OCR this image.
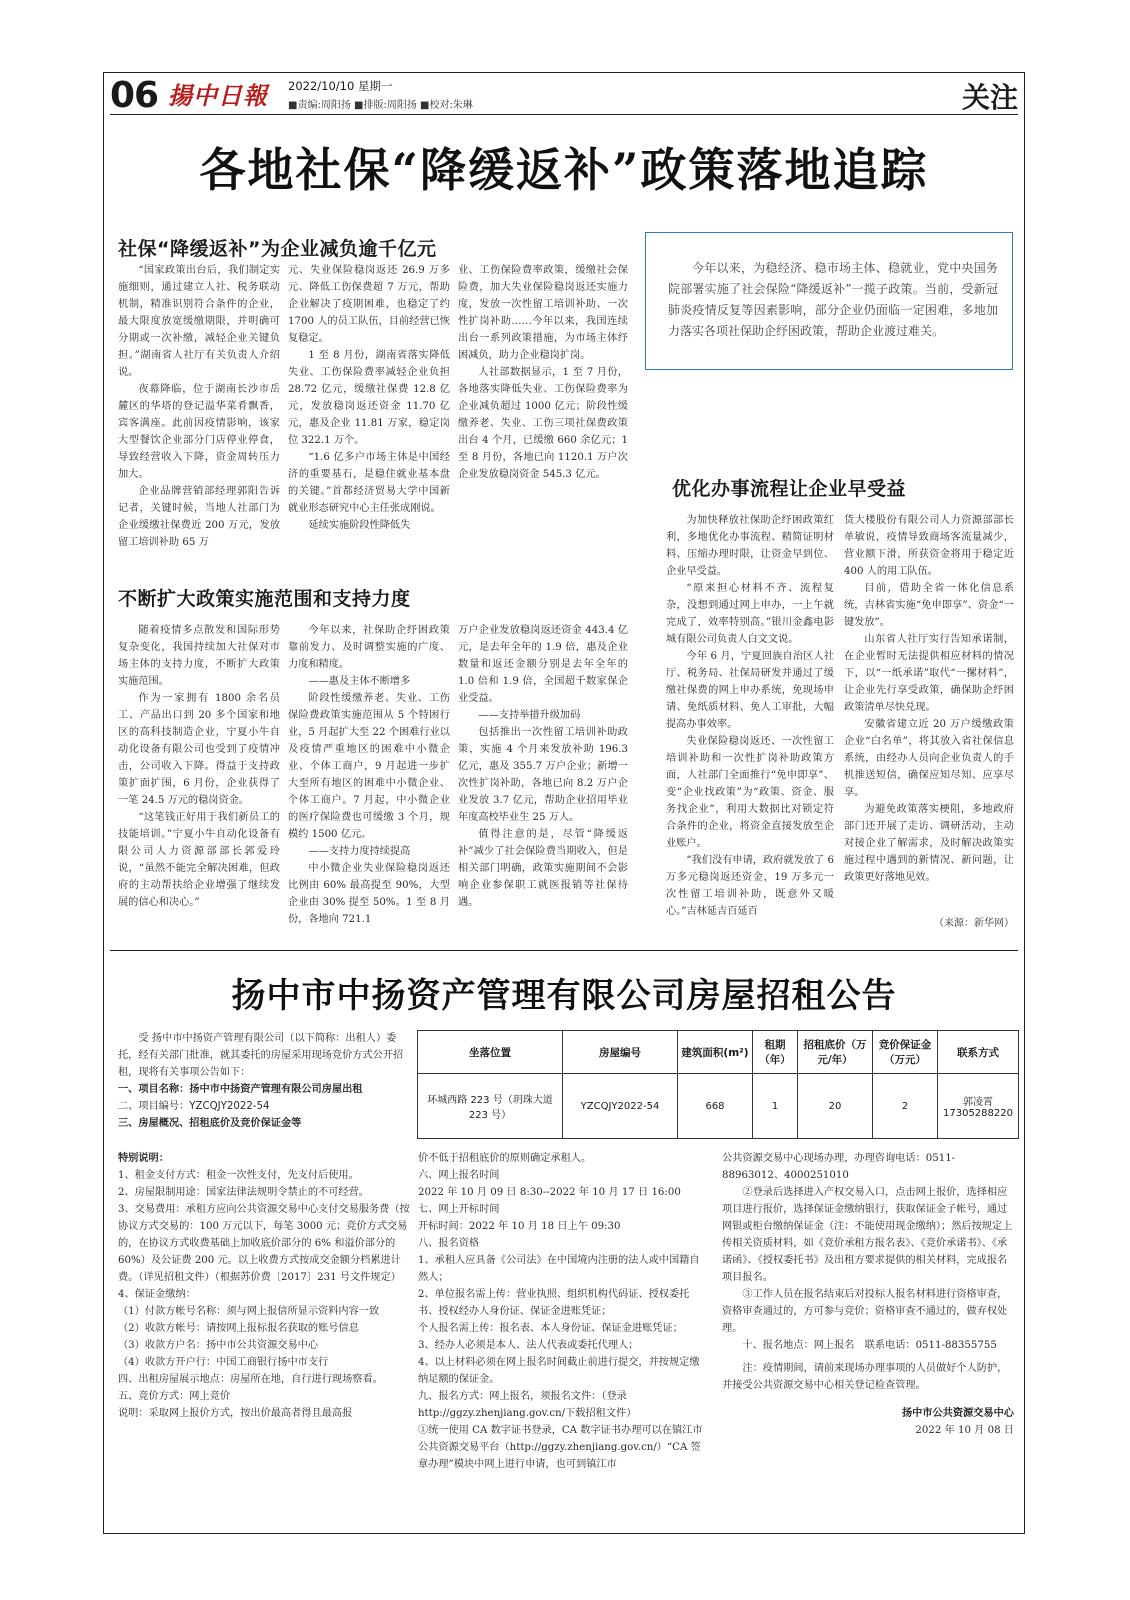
06 揚中日報 2022/10/10 星期一
■责编:周阳扬 ■排版:周阳扬 ■校对:朱琳	关注
各地社保“降缓返补”政策落地追踪
社保“降缓返补”为企业减负逾千亿元

“国家政策出台后，我们制定实施细则，通过建立人社、税务联动机制，精准识别符合条件的企业，最大限度放宽缓缴期限，并明确可分期或一次补缴，减轻企业关键负担。”湖南省人社厅有关负责人介绍说。

夜幕降临，位于湖南长沙市岳麓区的华塔的登记溢华菜肴飘香，宾客满座。此前因疫情影响，该家大型餐饮企业部分门店停业停食，导致经营收入下降，资金周转压力加大。

企业品牌营销部经理郭阳告诉记者，关键时候，当地人社部门为企业缓缴社保费近 200 万元，发放留工培训补助 65 万

元、失业保险稳岗返还 26.9 万多元、降低工伤保费超 7 万元，帮助企业解决了疫期困难，也稳定了约 1700 人的员工队伍，目前经营已恢复稳定。

1 至 8 月份，湖南省落实降低失业、工伤保险费率减轻企业负担 28.72 亿元，缓缴社保费 12.8 亿元，发放稳岗返还资金 11.70 亿元，惠及企业 11.81 万家，稳定岗位 322.1 万个。

“1.6 亿多户市场主体是中国经济的重要基石，是稳住就业基本盘的关键。”首都经济贸易大学中国新就业形态研究中心主任张成刚说。

延续实施阶段性降低失

业、工伤保险费率政策，缓缴社会保险费，加大失业保险稳岗返还实施力度，发放一次性留工培训补助、一次性扩岗补助……今年以来，我国连续出台一系列政策措施，为市场主体纾困减负，助力企业稳岗扩岗。

人社部数据显示，1 至 7 月份，各地落实降低失业、工伤保险费率为企业减负超过 1000 亿元；阶段性缓缴养老、失业、工伤三项社保费政策出台 4 个月，已缓缴 660 余亿元；1 至 8 月份，各地已向 1120.1 万户次企业发放稳岗资金 545.3 亿元。

今年以来，为稳经济、稳市场主体、稳就业，党中央国务院部署实施了社会保险“降缓返补”一揽子政策。当前，受新冠肺炎疫情反复等因素影响，部分企业仍面临一定困难，多地加力落实各项社保助企纾困政策，帮助企业渡过难关。
不断扩大政策实施范围和支持力度

随着疫情多点散发和国际形势复杂变化，我国持续加大社保对市场主体的支持力度，不断扩大政策实施范围。

作为一家拥有 1800 余名员工、产品出口到 20 多个国家和地区的高科技制造企业，宁夏小牛自动化设备有限公司也受到了疫情冲击，公司收入下降。得益于支持政策扩面扩围，6 月份，企业获得了一笔 24.5 万元的稳岗资金。

“这笔钱正好用于我们新员工的技能培训。”宁夏小牛自动化设备有限公司人力资源部部长郭爱玲说，“虽然不能完全解决困难，但政府的主动帮扶给企业增强了继续发展的信心和决心。”

今年以来，社保助企纾困政策靠前发力、及时调整实施的广度、力度和精度。

——惠及主体不断增多

阶段性缓缴养老、失业、工伤保险费政策实施范围从 5 个特困行业，5 月起扩大至 22 个困难行业以及疫情严重地区的困难中小微企业、个体工商户，9 月起进一步扩大至所有地区的困难中小微企业、个体工商户。7 月起，中小微企业的医疗保险费也可缓缴 3 个月，规模约 1500 亿元。

——支持力度持续提高

中小微企业失业保险稳岗返还比例由 60% 最高提至 90%，大型企业由 30% 提至 50%。1 至 8 月份，各地向 721.1

万户企业发放稳岗返还资金 443.4 亿元，是去年全年的 1.9 倍，惠及企业数量和返还金额分别是去年全年的 1.0 倍和 1.9 倍，全国超千数家保企业受益。

——支持举措升级加码

包括推出一次性留工培训补助政策，实施 4 个月来发放补助 196.3 亿元，惠及 355.7 万户企业；新增一次性扩岗补助，各地已向 8.2 万户企业发放 3.7 亿元，帮助企业招用毕业年度高校毕业生 25 万人。

值得注意的是，尽管“降缓返补”减少了社会保险费当期收入，但是相关部门明确，政策实施期间不会影响企业参保职工就医报销等社保待遇。

优化办事流程让企业早受益

为加快释放社保助企纾困政策红利，多地优化办事流程、精简证明材料、压缩办理时限，让资金早到位、企业早受益。

“原来担心材料不齐、流程复杂，没想到通过网上申办，一上午就完成了，效率特别高。”银川金鑫电影城有限公司负责人白文文说。

今年 6 月，宁夏回族自治区人社厅、税务局、社保局研发并通过了缓缴社保费的网上申办系统，免现场申请、免纸质材料、免人工审批，大幅提高办事效率。

失业保险稳岗返还、一次性留工培训补助和一次性扩岗补助政策方面，人社部门全面推行“免申即享”、变“企业找政策”为“政策、资金、服务找企业”，利用大数据比对锁定符合条件的企业，将资金直接发放至企业账户。

“我们没有申请，政府就发放了 6 万多元稳岗返还资金，19 万多元一次性留工培训补助，既意外又暖心。”吉林延吉百延百

货大楼股份有限公司人力资源部部长单敏说，疫情导致商场客流量减少，营业额下滑，所获资金将用于稳定近 400 人的用工队伍。

目前，借助全省一体化信息系统，吉林省实施“免申即享”、资金“一键发放”。

山东省人社厅实行告知承诺制，在企业暂时无法提供相应材料的情况下，以“一纸承诺”取代“一摞材料”，让企业先行享受政策，确保助企纾困政策清单尽快兑现。

安徽省建立近 20 万户缓缴政策企业“白名单”，将其放入省社保信息系统，由经办人员向企业负责人的手机推送短信，确保应知尽知、应享尽享。

为避免政策落实梗阻，多地政府部门还开展了走访、调研活动，主动对接企业了解需求，及时解决政策实施过程中遇到的新情况、新问题，让政策更好落地见效。

（来源：新华网）
扬中市中扬资产管理有限公司房屋招租公告

受 扬中市中扬资产管理有限公司（以下简称：出租人）委托，经有关部门批准，就其委托的房屋采用现场竞价方式公开招租，现将有关事项公告如下：

一、项目名称：扬中市中扬资产管理有限公司房屋出租

二、项目编号：YZCQJY2022-54

三、房屋概况、招租底价及竞价保证金等

坐落位置	房屋编号	建筑面积(m²)	租期（年）	招租底价（万元/年）	竞价保证金（万元）	联系方式
环城西路 223 号（玥珠大道 223 号）	YZCQJY2022-54	668	1	20	2	郭凌霄 17305288220

特别说明：

1、租金支付方式：租金一次性支付，先支付后使用。

2、房屋限制用途：国家法律法规明令禁止的不可经营。

3、交易费用：承租方应向公共资源交易中心支付交易服务费（按协议方式交易的：100 万元以下，每笔 3000 元；竞价方式交易的，在协议方式收费基础上加收底价部分的 6% 和溢价部分的 60%）及公证费 200 元。以上收费方式按成交金额分档累进计费。（详见招租文件）（根据苏价费〔2017〕231 号文件规定）

4、保证金缴纳：

（1）付款方帐号名称：须与网上报信所显示资料内容一致

（2）收款方帐号：请按网上报标报名获取的账号信息

（3）收款方户名：扬中市公共资源交易中心

（4）收款方开户行：中国工商银行扬中市支行

四、出租房屋展示地点：房屋所在地，自行进行现场察看。

五、竞价方式：网上竞价

说明：采取网上报价方式，按出价最高者得且最高报

价不低于招租底价的原则确定承租人。

六、网上报名时间

2022 年 10 月 09 日 8:30--2022 年 10 月 17 日 16:00

七、网上开标时间

开标时间：2022 年 10 月 18 日上午 09:30

八、报名资格

1、承租人应具备《公司法》在中国境内注册的法人或中国籍自然人；

2、单位报名需上传：营业执照、组织机构代码证、授权委托书、授权经办人身份证、保证金进账凭证；

个人报名需上传：报名表、本人身份证、保证金进账凭证；

3、经办人必须是本人、法人代表或委托代理人；

4、以上材料必须在网上报名时间截止前进行提交，并按规定缴纳足额的保证金。

九、报名方式：网上报名，须报名文件：（登录 http://ggzy.zhenjiang.gov.cn/下载招租文件）

①统一使用 CA 数字证书登录，CA 数字证书办理可以在镇江市公共资源交易平台（http://ggzy.zhenjiang.gov.cn/）“CA 签章办理”模块中网上进行申请，也可到镇江市

公共资源交易中心现场办理，办理咨询电话：0511-88963012、4000251010

②登录后选择进入产权交易入口，点击网上报价，选择相应项目进行报价，选择保证金缴纳银行，获取保证金子帐号，通过网银或柜台缴纳保证金（注：不能使用现金缴纳）；然后按规定上传相关资质材料，如《竞价承租方报名表》、《竞价承诺书》、《承诺函》、《授权委托书》及出租方要求提供的相关材料，完成报名项目报名。

③工作人员在报名结束后对投标人报名材料进行资格审查，资格审查通过的，方可参与竞价；资格审查不通过的，做弃权处理。

十、报名地点：网上报名　联系电话：0511-88355755

注：疫情期间，请前来现场办理事项的人员做好个人防护，并接受公共资源交易中心相关登记检查管理。

扬中市公共资源交易中心
2022 年 10 月 08 日
